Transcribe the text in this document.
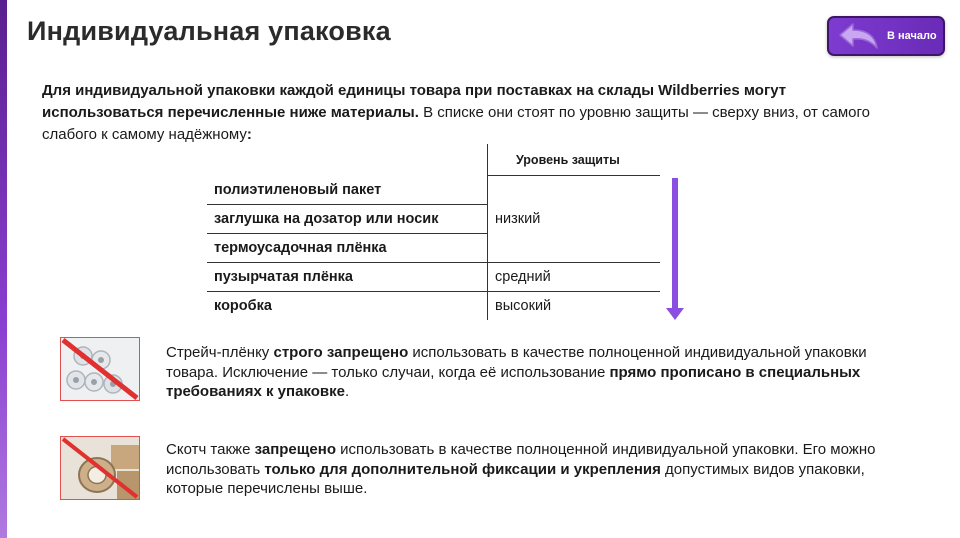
Индивидуальная упаковка	В начало
Для индивидуальной упаковки каждой единицы товара при поставках на склады Wildberries могут использоваться перечисленные ниже материалы. В списке они стоят по уровню защиты — сверху вниз, от самого слабого к самому надёжному:
	Уровень защиты
полиэтиленовый пакет	низкий
заглушка на дозатор или носик	
термоусадочная плёнка	
пузырчатая плёнка	средний
коробка	высокий
Стрейч-плёнку строго запрещено использовать в качестве полноценной индивидуальной упаковки товара. Исключение — только случаи, когда её использование прямо прописано в специальных требованиях к упаковке.
Скотч также запрещено использовать в качестве полноценной индивидуальной упаковки. Его можно использовать только для дополнительной фиксации и укрепления допустимых видов упаковки, которые перечислены выше.
